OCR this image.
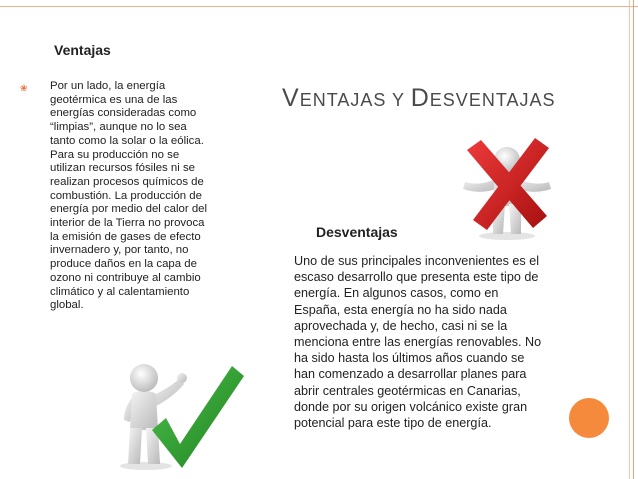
Ventajas
❀ Por un lado, la energía geotérmica es una de las energías consideradas como “limpias”, aunque no lo sea tanto como la solar o la eólica. Para su producción no se utilizan recursos fósiles ni se realizan procesos químicos de combustión. La producción de energía por medio del calor del interior de la Tierra no provoca la emisión de gases de efecto invernadero y, por tanto, no produce daños en la capa de ozono ni contribuye al cambio climático y al calentamiento global.

VENTAJAS Y DESVENTAJAS
Desventajas

Uno de sus principales inconvenientes es el escaso desarrollo que presenta este tipo de energía. En algunos casos, como en España, esta energía no ha sido nada aprovechada y, de hecho, casi ni se la menciona entre las energías renovables. No ha sido hasta los últimos años cuando se han comenzado a desarrollar planes para abrir centrales geotérmicas en Canarias, donde por su origen volcánico existe gran potencial para este tipo de energía.
